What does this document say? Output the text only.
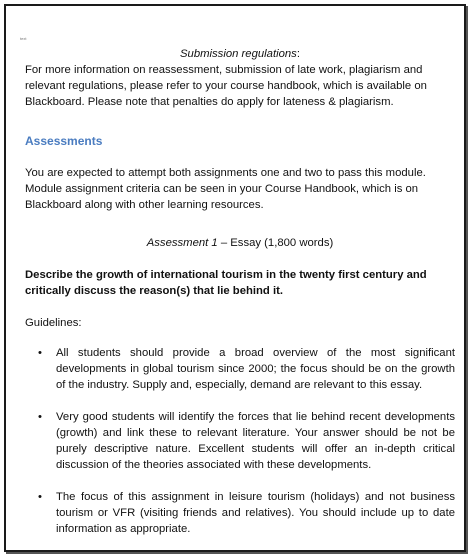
text

Submission regulations:

For more information on reassessment, submission of late work, plagiarism and relevant regulations, please refer to your course handbook, which is available on Blackboard. Please note that penalties do apply for lateness & plagiarism.

Assessments

You are expected to attempt both assignments one and two to pass this module. Module assignment criteria can be seen in your Course Handbook, which is on Blackboard along with other learning resources.

Assessment 1 – Essay (1,800 words)

Describe the growth of international tourism in the twenty first century and critically discuss the reason(s) that lie behind it.

Guidelines:

• All students should provide a broad overview of the most significant developments in global tourism since 2000; the focus should be on the growth of the industry. Supply and, especially, demand are relevant to this essay.
• Very good students will identify the forces that lie behind recent developments (growth) and link these to relevant literature. Your answer should be not be purely descriptive nature. Excellent students will offer an in-depth critical discussion of the theories associated with these developments.
• The focus of this assignment in leisure tourism (holidays) and not business tourism or VFR (visiting friends and relatives). You should include up to date information as appropriate.
